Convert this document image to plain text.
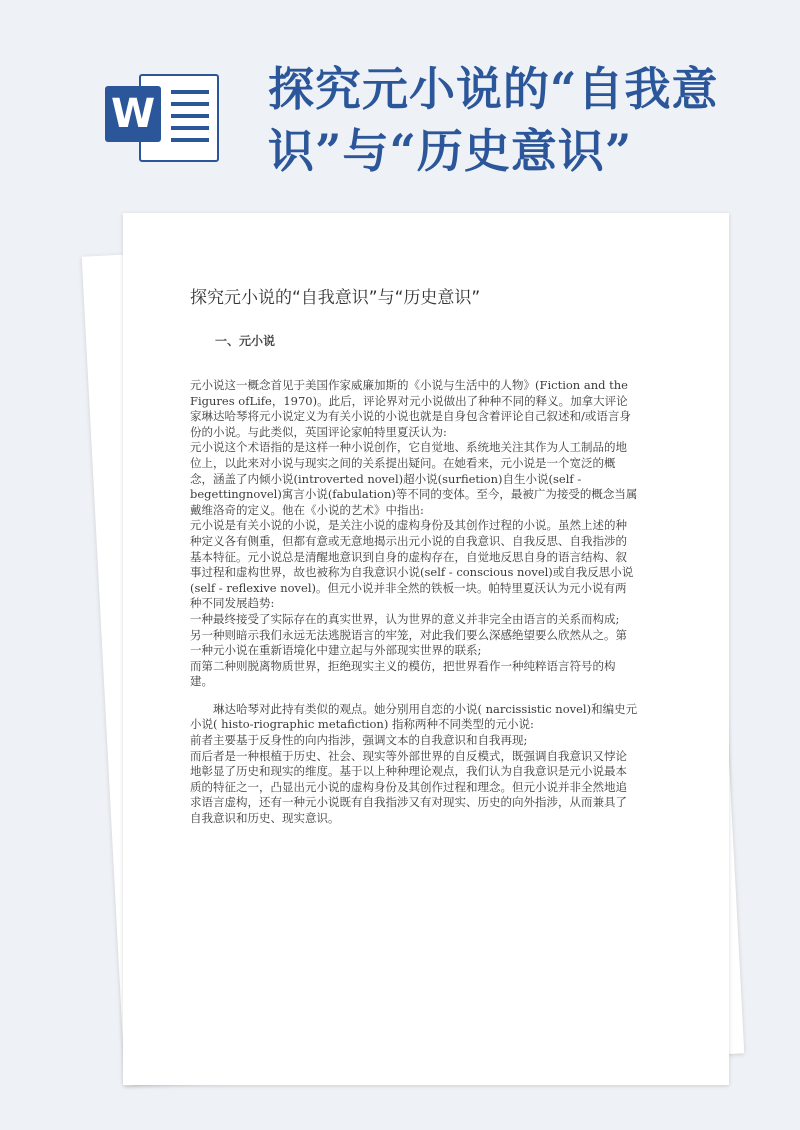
W 探究元小说的“自我意识”与“历史意识”
探究元小说的“自我意识”与“历史意识”
一、元小说

元小说这一概念首见于美国作家威廉加斯的《小说与生活中的人物》(Fiction and the Figures ofLife，1970)。此后，评论界对元小说做出了种种不同的释义。加拿大评论家琳达哈琴将元小说定义为有关小说的小说也就是自身包含着评论自己叙述和/或语言身份的小说。与此类似，英国评论家帕特里夏沃认为:

元小说这个术语指的是这样一种小说创作，它自觉地、系统地关注其作为人工制品的地位上，以此来对小说与现实之间的关系提出疑问。在她看来，元小说是一个宽泛的概念，涵盖了内倾小说(introverted novel)超小说(surfietion)自生小说(self - begettingnovel)寓言小说(fabulation)等不同的变体。至今，最被广为接受的概念当属戴维洛奇的定义。他在《小说的艺术》中指出:

元小说是有关小说的小说，是关注小说的虚构身份及其创作过程的小说。虽然上述的种种定义各有侧重，但都有意或无意地揭示出元小说的自我意识、自我反思、自我指涉的基本特征。元小说总是清醒地意识到自身的虚构存在，自觉地反思自身的语言结构、叙事过程和虚构世界，故也被称为自我意识小说(self - conscious novel)或自我反思小说(self - reflexive novel)。但元小说并非全然的铁板一块。帕特里夏沃认为元小说有两种不同发展趋势:

一种最终接受了实际存在的真实世界，认为世界的意义并非完全由语言的关系而构成;

另一种则暗示我们永远无法逃脱语言的牢笼，对此我们要么深感绝望要么欣然从之。第一种元小说在重新语境化中建立起与外部现实世界的联系;

而第二种则脱离物质世界，拒绝现实主义的模仿，把世界看作一种纯粹语言符号的构建。

琳达哈琴对此持有类似的观点。她分别用自恋的小说( narcissistic novel)和编史元小说( histo-riographic metafiction) 指称两种不同类型的元小说:

前者主要基于反身性的向内指涉，强调文本的自我意识和自我再现;

而后者是一种根植于历史、社会、现实等外部世界的自反模式，既强调自我意识又悖论地彰显了历史和现实的维度。基于以上种种理论观点，我们认为自我意识是元小说最本质的特征之一，凸显出元小说的虚构身份及其创作过程和理念。但元小说并非全然地追求语言虚构，还有一种元小说既有自我指涉又有对现实、历史的向外指涉，从而兼具了自我意识和历史、现实意识。
